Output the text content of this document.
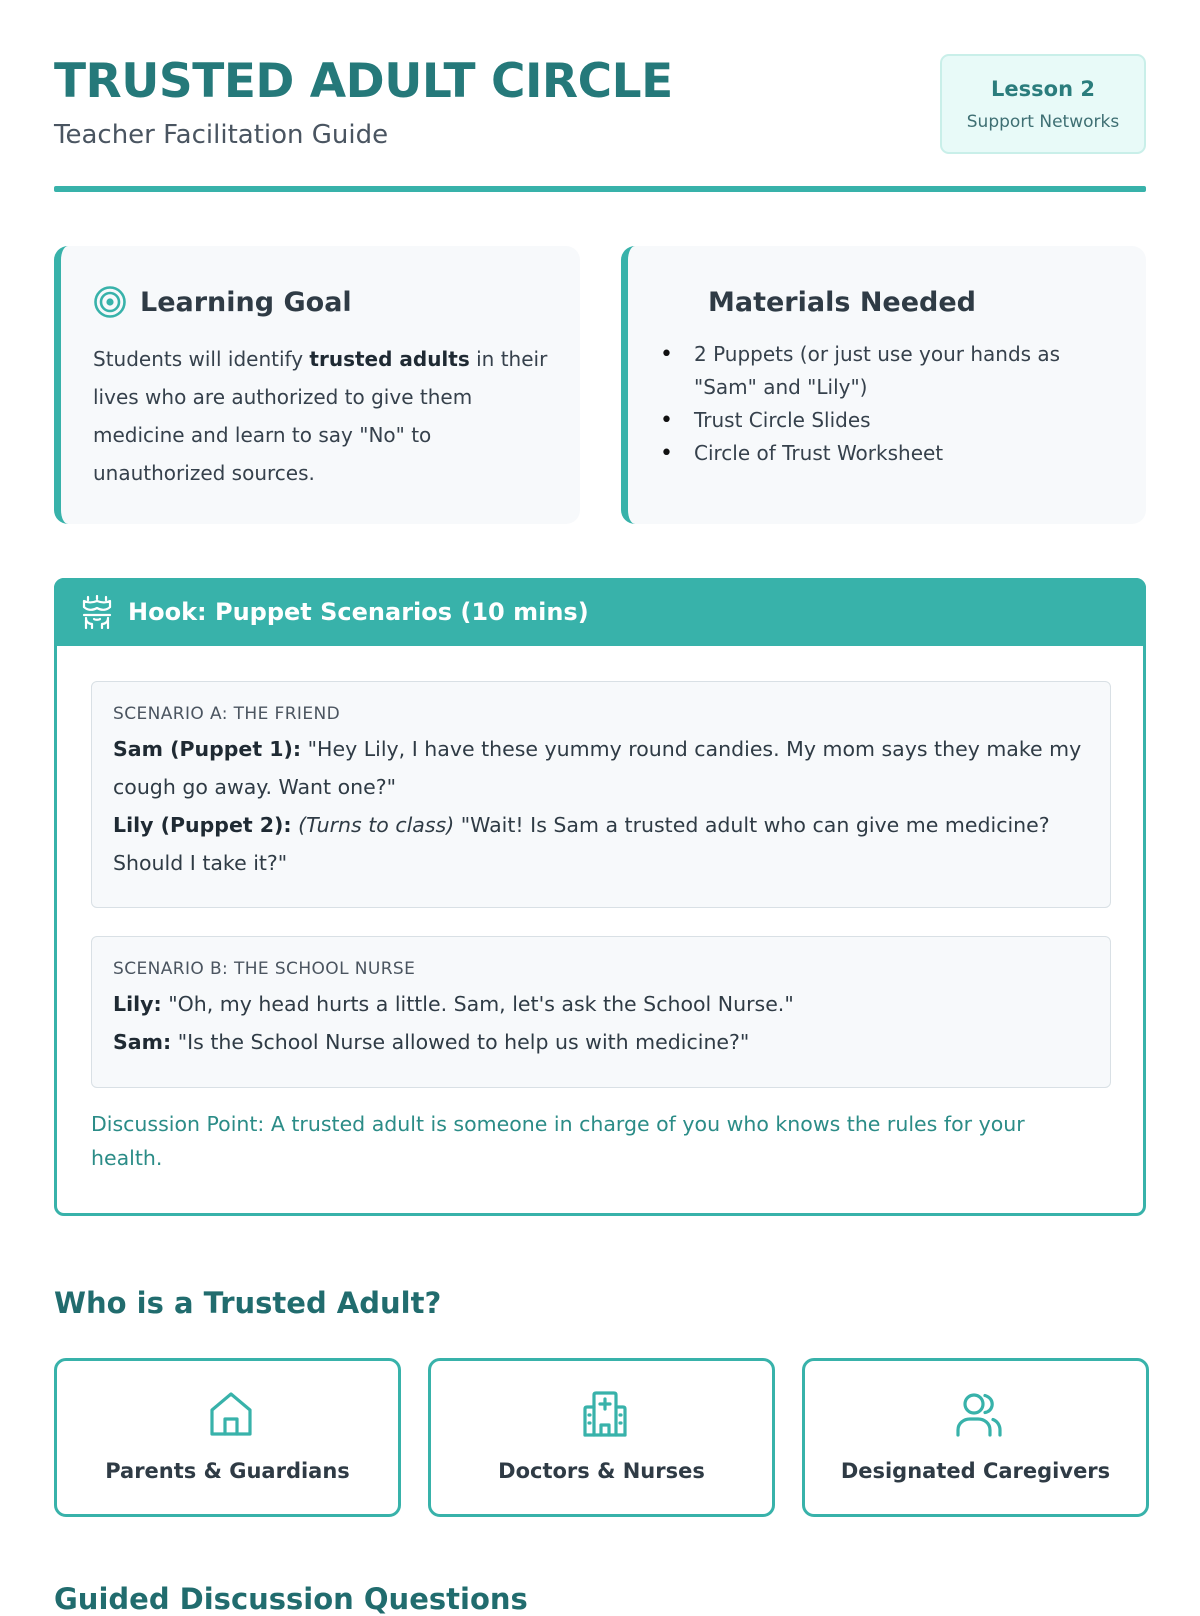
TRUSTED ADULT CIRCLE
Teacher Facilitation Guide
Lesson 2
Support Networks
Learning Goal

Students will identify trusted adults in their lives who are authorized to give them medicine and learn to say "No" to unauthorized sources.

Materials Needed
• 2 Puppets (or just use your hands as "Sam" and "Lily")
• Trust Circle Slides
• Circle of Trust Worksheet
Hook: Puppet Scenarios (10 mins)
SCENARIO A: THE FRIEND

Sam (Puppet 1): "Hey Lily, I have these yummy round candies. My mom says they make my cough go away. Want one?"

Lily (Puppet 2): (Turns to class) "Wait! Is Sam a trusted adult who can give me medicine? Should I take it?"

SCENARIO B: THE SCHOOL NURSE

Lily: "Oh, my head hurts a little. Sam, let's ask the School Nurse."

Sam: "Is the School Nurse allowed to help us with medicine?"

Discussion Point: A trusted adult is someone in charge of you who knows the rules for your health.

Who is a Trusted Adult?
Parents & Guardians	Doctors & Nurses	Designated Caregivers
Guided Discussion Questions
